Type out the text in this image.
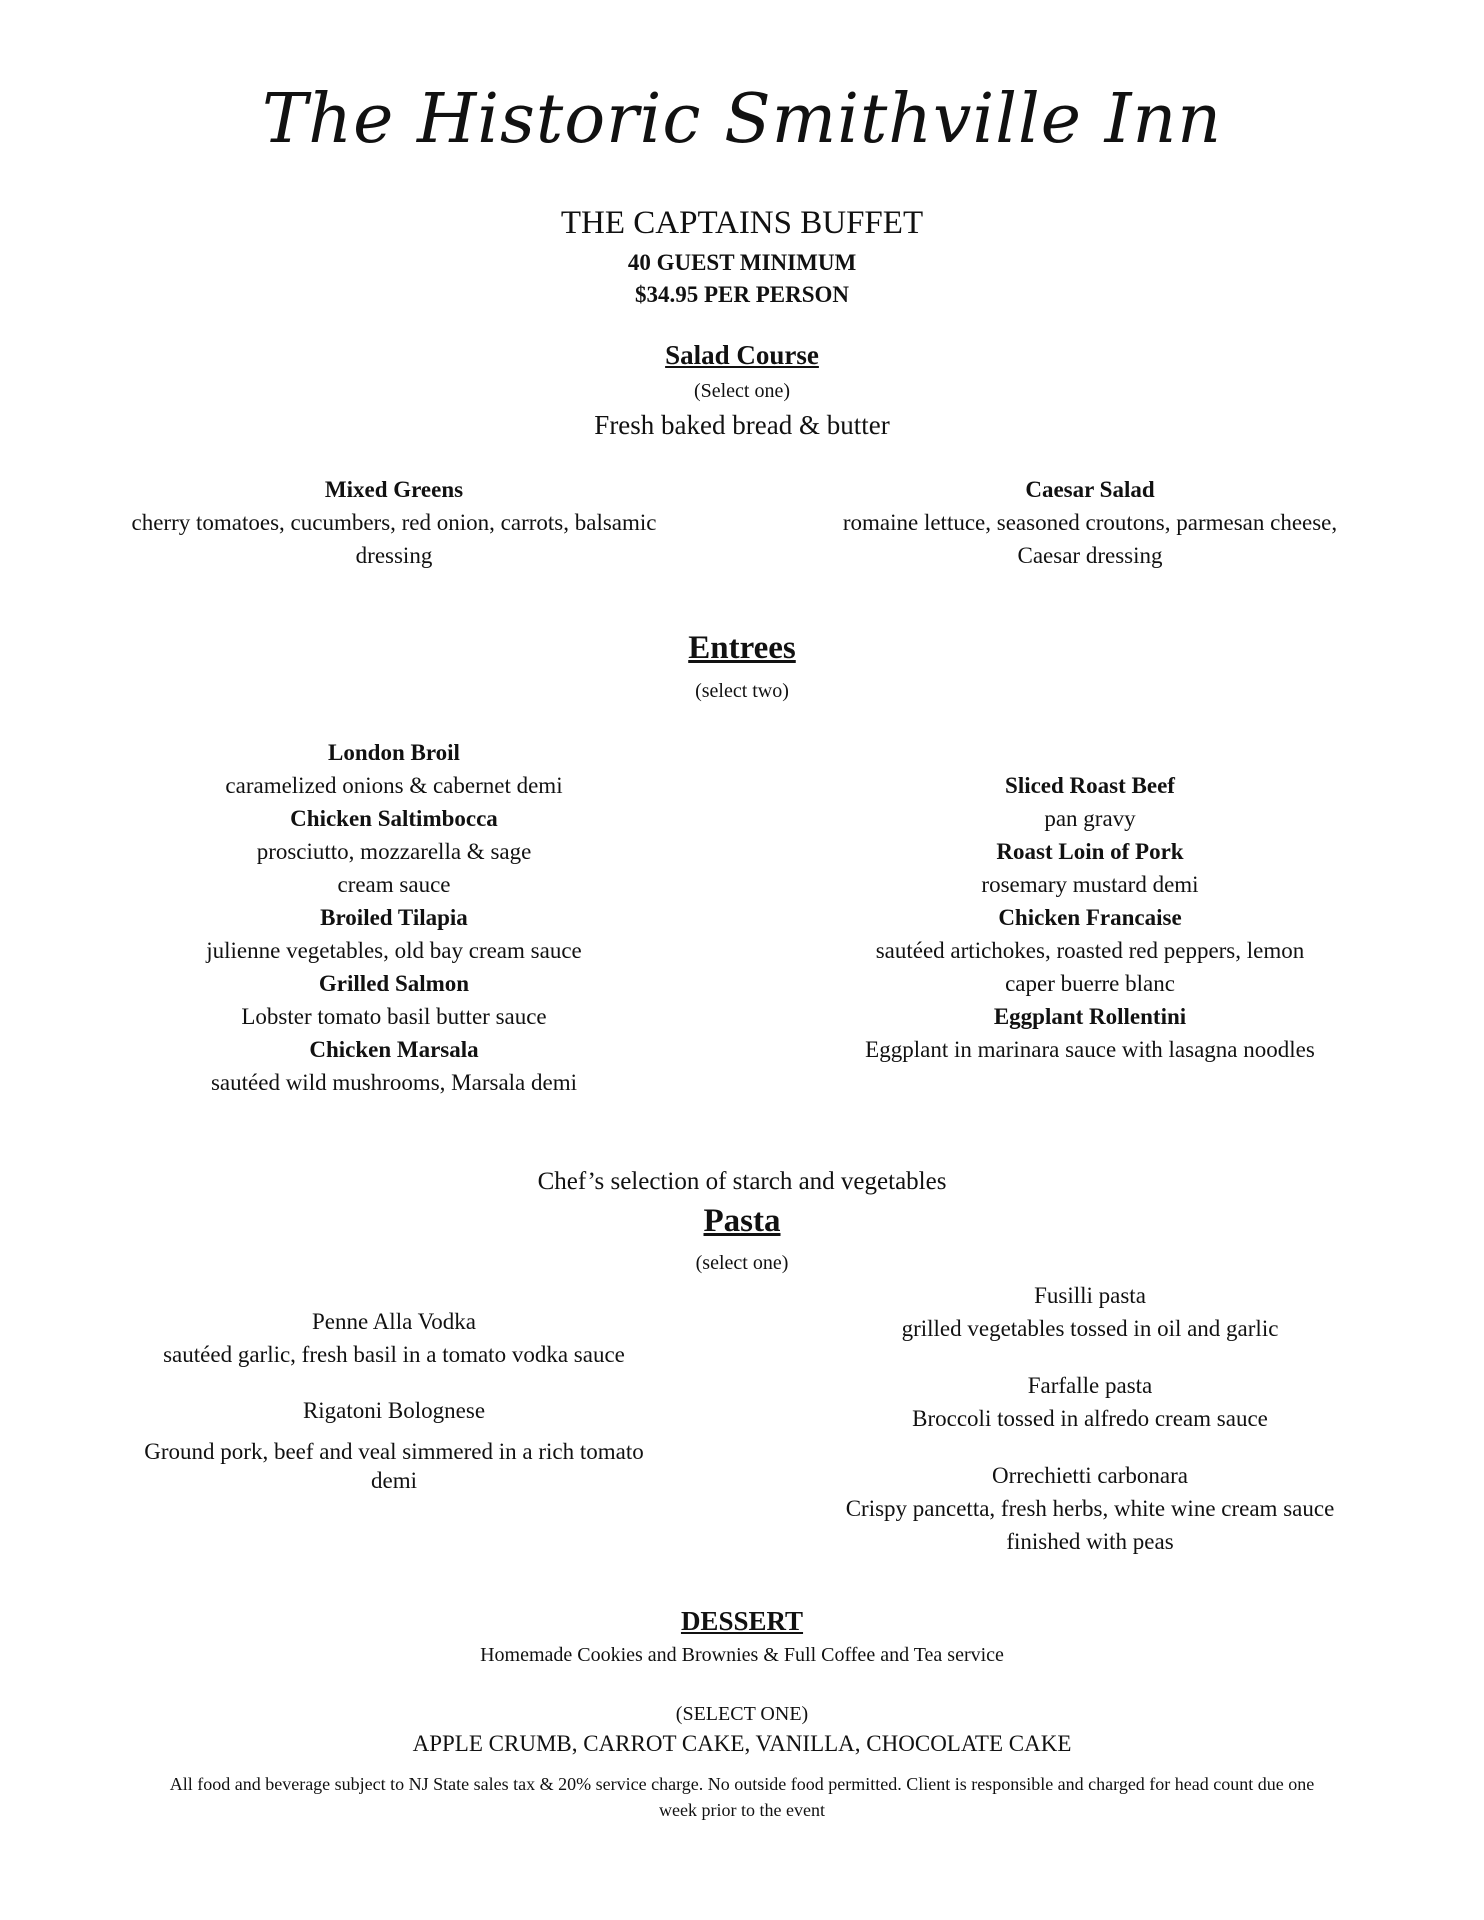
The Historic Smithville Inn
THE CAPTAINS BUFFET
40 GUEST MINIMUM
$34.95 PER PERSON
Salad Course
(Select one)
Fresh baked bread & butter
Mixed Greens
cherry tomatoes, cucumbers, red onion, carrots, balsamic
dressing
Caesar Salad
romaine lettuce, seasoned croutons, parmesan cheese,
Caesar dressing
Entrees
(select two)
London Broil
caramelized onions & cabernet demi
Chicken Saltimbocca
prosciutto, mozzarella & sage
cream sauce
Broiled Tilapia
julienne vegetables, old bay cream sauce
Grilled Salmon
Lobster tomato basil butter sauce
Chicken Marsala
sautéed wild mushrooms, Marsala demi
Sliced Roast Beef
pan gravy
Roast Loin of Pork
rosemary mustard demi
Chicken Francaise
sautéed artichokes, roasted red peppers, lemon
caper buerre blanc
Eggplant Rollentini
Eggplant in marinara sauce with lasagna noodles
Chef’s selection of starch and vegetables
Pasta
(select one)
Penne Alla Vodka
sautéed garlic, fresh basil in a tomato vodka sauce
Rigatoni Bolognese
Ground pork, beef and veal simmered in a rich tomato
demi
Fusilli pasta
grilled vegetables tossed in oil and garlic
Farfalle pasta
Broccoli tossed in alfredo cream sauce
Orrechietti carbonara
Crispy pancetta, fresh herbs, white wine cream sauce
finished with peas
DESSERT
Homemade Cookies and Brownies & Full Coffee and Tea service
(SELECT ONE)
APPLE CRUMB, CARROT CAKE, VANILLA, CHOCOLATE CAKE
All food and beverage subject to NJ State sales tax & 20% service charge. No outside food permitted. Client is responsible and charged for head count due one
week prior to the event
